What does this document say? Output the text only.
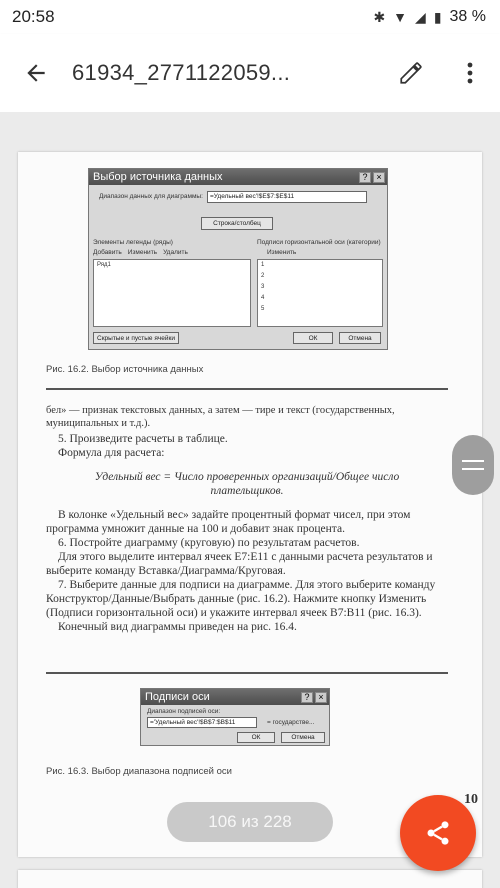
20:58	✱ ▼ ◢ ▮ 38 %
61934_2771122059...
Выбор источника данных	? ×
Диапазон данных для диаграммы:	=Удельный вес'!$E$7:$E$11
Строка/столбец
Элементы легенды (ряды)	Подписи горизонтальной оси (категории)
Добавить Изменить Удалить	Изменить
Ряд1	1
2
3
4
5
Скрытые и пустые ячейки	ОК	Отмена
Рис. 16.2. Выбор источника данных

бел» — признак текстовых данных, а затем — тире и текст (государственных, муниципальных и т.д.).

5. Произведите расчеты в таблице.

Формула для расчета:

Удельный вес = Число проверенных организаций/Общее число плательщиков.

В колонке «Удельный вес» задайте процентный формат чисел, при этом программа умножит данные на 100 и добавит знак процента.

6. Постройте диаграмму (круговую) по результатам расчетов.

Для этого выделите интервал ячеек E7:E11 с данными расчета результатов и выберите команду Вставка/Диаграмма/Круговая.

7. Выберите данные для подписи на диаграмме. Для этого выберите команду Конструктор/Данные/Выбрать данные (рис. 16.2). Нажмите кнопку Изменить (Подписи горизонтальной оси) и укажите интервал ячеек B7:B11 (рис. 16.3).

Конечный вид диаграммы приведен на рис. 16.4.

Подписи оси	? ×
Диапазон подписей оси:
='Удельный вес'!$B$7:$B$11	= государстве...
ОК	Отмена
Рис. 16.3. Выбор диапазона подписей оси
10
106 из 228
